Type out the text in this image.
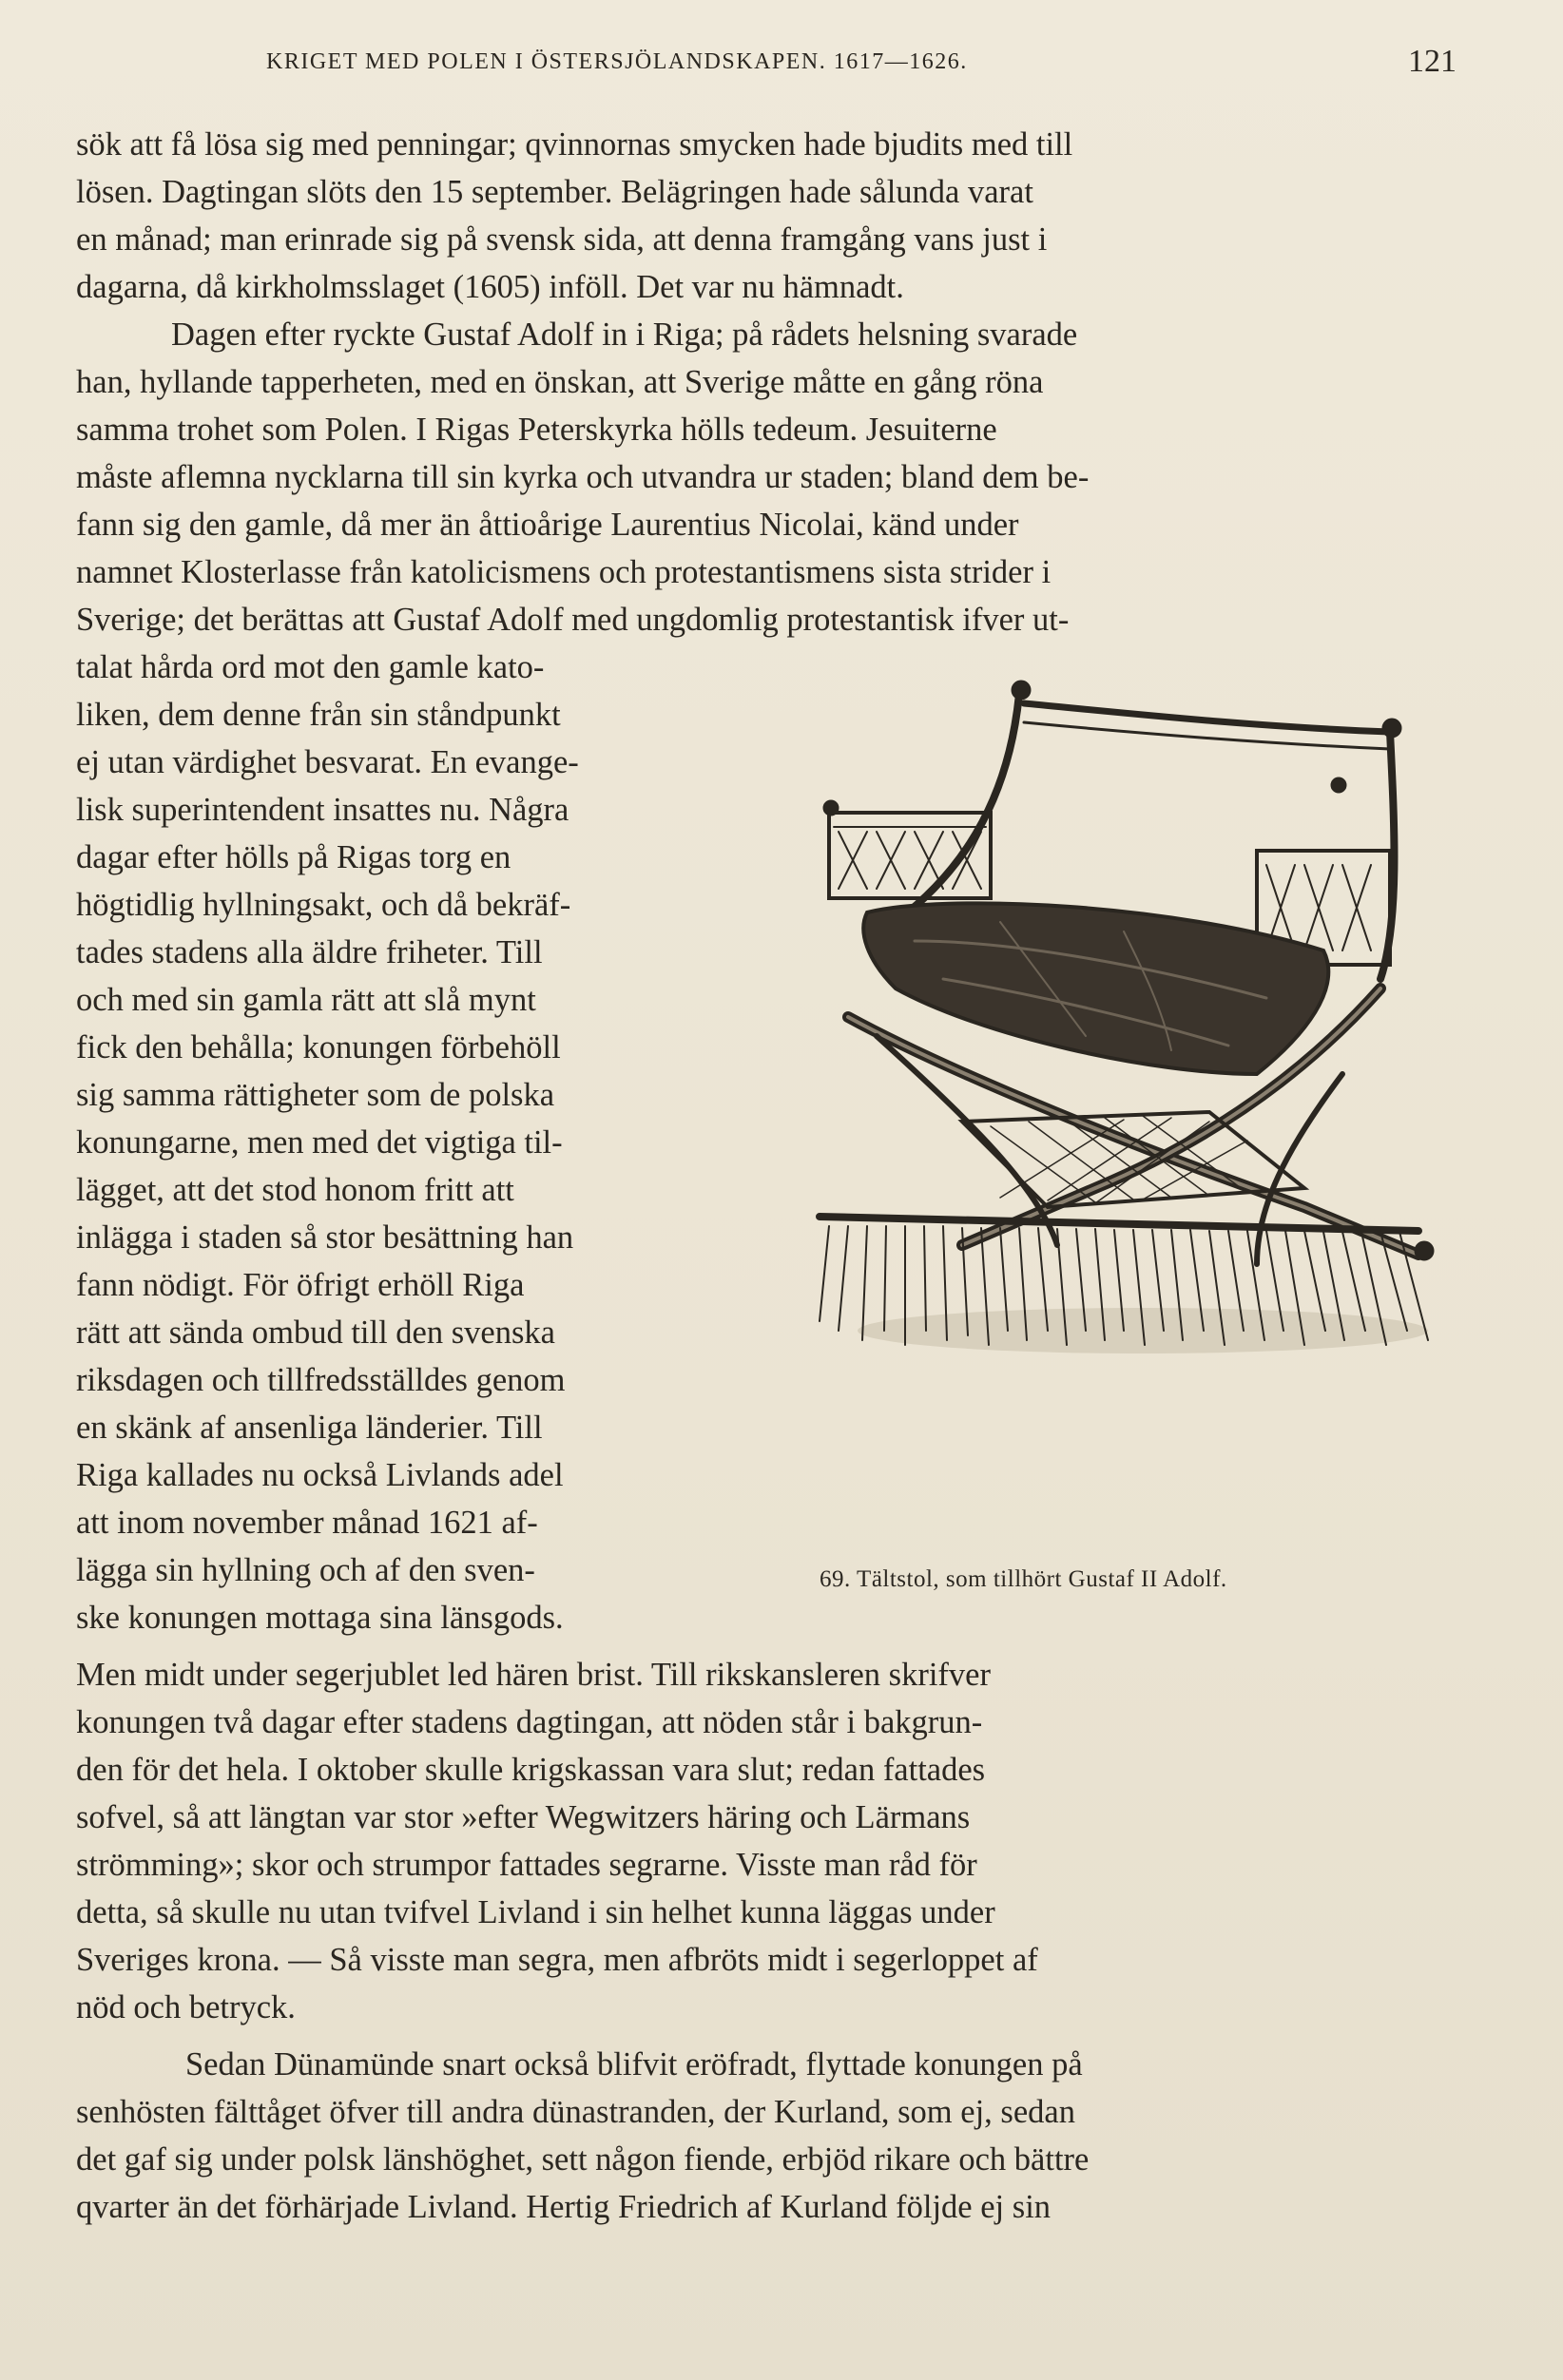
KRIGET MED POLEN I ÖSTERSJÖLANDSKAPEN. 1617—1626.	121
sök att få lösa sig med penningar; qvinnornas smycken hade bjudits med till
lösen. Dagtingan slöts den 15 september. Belägringen hade sålunda varat
en månad; man erinrade sig på svensk sida, att denna framgång vans just i
dagarna, då kirkholmsslaget (1605) inföll. Det var nu hämnadt.
Dagen efter ryckte Gustaf Adolf in i Riga; på rådets helsning svarade
han, hyllande tapperheten, med en önskan, att Sverige måtte en gång röna
samma trohet som Polen. I Rigas Peterskyrka hölls tedeum. Jesuiterne
måste aflemna nycklarna till sin kyrka och utvandra ur staden; bland dem be-
fann sig den gamle, då mer än åttioårige Laurentius Nicolai, känd under
namnet Klosterlasse från katolicismens och protestantismens sista strider i
Sverige; det berättas att Gustaf Adolf med ungdomlig protestantisk ifver ut-
talat hårda ord mot den gamle kato-
liken, dem denne från sin ståndpunkt
ej utan värdighet besvarat. En evange-
lisk superintendent insattes nu. Några
dagar efter hölls på Rigas torg en
högtidlig hyllningsakt, och då bekräf-
tades stadens alla äldre friheter. Till
och med sin gamla rätt att slå mynt
fick den behålla; konungen förbehöll
sig samma rättigheter som de polska
konungarne, men med det vigtiga til-
lägget, att det stod honom fritt att
inlägga i staden så stor besättning han
fann nödigt. För öfrigt erhöll Riga
rätt att sända ombud till den svenska
riksdagen och tillfredsställdes genom
en skänk af ansenliga länderier. Till
Riga kallades nu också Livlands adel
att inom november månad 1621 af-
lägga sin hyllning och af den sven-
ske konungen mottaga sina länsgods.
Men midt under segerjublet led hären brist. Till rikskansleren skrifver
konungen två dagar efter stadens dagtingan, att nöden står i bakgrun-
den för det hela. I oktober skulle krigskassan vara slut; redan fattades
sofvel, så att längtan var stor »efter Wegwitzers häring och Lärmans
strömming»; skor och strumpor fattades segrarne. Visste man råd för
detta, så skulle nu utan tvifvel Livland i sin helhet kunna läggas under
Sveriges krona. — Så visste man segra, men afbröts midt i segerloppet af
nöd och betryck.
Sedan Dünamünde snart också blifvit eröfradt, flyttade konungen på
senhösten fälttåget öfver till andra dünastranden, der Kurland, som ej, sedan
det gaf sig under polsk länshöghet, sett någon fiende, erbjöd rikare och bättre
qvarter än det förhärjade Livland. Hertig Friedrich af Kurland följde ej sin
69. Tältstol, som tillhört Gustaf II Adolf.
